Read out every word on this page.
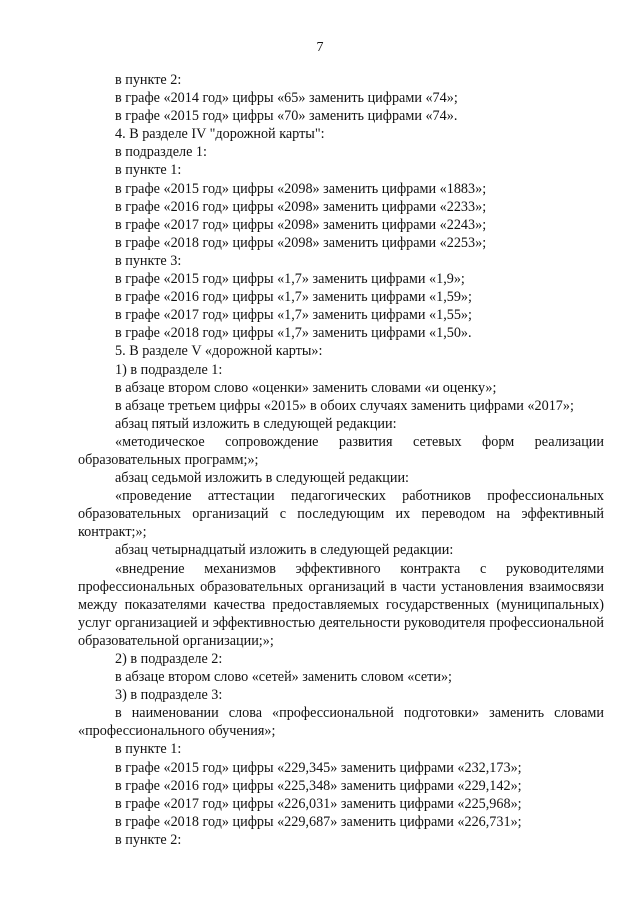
7
в пункте 2:
в графе «2014 год» цифры «65» заменить цифрами «74»;
в графе «2015 год» цифры «70» заменить цифрами «74».
4. В разделе IV "дорожной карты":
в подразделе 1:
в пункте 1:
в графе «2015 год» цифры «2098» заменить цифрами «1883»;
в графе «2016 год» цифры «2098» заменить цифрами «2233»;
в графе «2017 год» цифры «2098» заменить цифрами «2243»;
в графе «2018 год» цифры «2098» заменить цифрами «2253»;
в пункте 3:
в графе «2015 год» цифры «1,7» заменить цифрами «1,9»;
в графе «2016 год» цифры «1,7» заменить цифрами «1,59»;
в графе «2017 год» цифры «1,7» заменить цифрами «1,55»;
в графе «2018 год» цифры «1,7» заменить цифрами «1,50».
5. В разделе V «дорожной карты»:
1) в подразделе 1:
в абзаце втором слово «оценки» заменить словами «и оценку»;
в абзаце третьем цифры «2015» в обоих случаях заменить цифрами «2017»;
абзац пятый изложить в следующей редакции:
«методическое сопровождение развития сетевых форм реализации образовательных программ;»;
абзац седьмой изложить в следующей редакции:
«проведение аттестации педагогических работников профессиональных образовательных организаций с последующим их переводом на эффективный контракт;»;
абзац четырнадцатый изложить в следующей редакции:
«внедрение механизмов эффективного контракта с руководителями профессиональных образовательных организаций в части установления взаимосвязи между показателями качества предоставляемых государственных (муниципальных) услуг организацией и эффективностью деятельности руководителя профессиональной образовательной организации;»;
2) в подразделе 2:
в абзаце втором слово «сетей» заменить словом «сети»;
3) в подразделе 3:
в наименовании слова «профессиональной подготовки» заменить словами «профессионального обучения»;
в пункте 1:
в графе «2015 год» цифры «229,345» заменить цифрами «232,173»;
в графе «2016 год» цифры «225,348» заменить цифрами «229,142»;
в графе «2017 год» цифры «226,031» заменить цифрами «225,968»;
в графе «2018 год» цифры «229,687» заменить цифрами «226,731»;
в пункте 2:
